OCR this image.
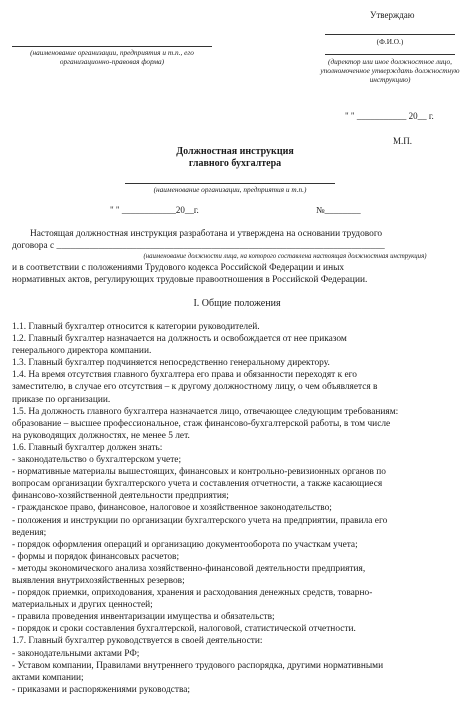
Утверждаю
(Ф.И.О.)
(директор или иное должностное лицо, уполномоченное утверждать должностную инструкцию)
" " ___________ 20__ г.
М.П.
(наименование организации, предприятия и т.п., его организационно-правовая форма)
Должностная инструкция
главного бухгалтера
(наименование организации, предприятия и т.п.)
" " ____________20__г.	№________
Настоящая должностная инструкция разработана и утверждена на основании трудового
договора с ______________________________________________________________________
(наименование должности лица, на которого составлена настоящая должностная инструкция)
и в соответствии с положениями Трудового кодекса Российской Федерации и иных
нормативных актов, регулирующих трудовые правоотношения в Российской Федерации.
I. Общие положения
1.1. Главный бухгалтер относится к категории руководителей.
1.2. Главный бухгалтер назначается на должность и освобождается от нее приказом
генерального директора компании.
1.3. Главный бухгалтер подчиняется непосредственно генеральному директору.
1.4. На время отсутствия главного бухгалтера его права и обязанности переходят к его
заместителю, в случае его отсутствия – к другому должностному лицу, о чем объявляется в
приказе по организации.
1.5. На должность главного бухгалтера назначается лицо, отвечающее следующим требованиям:
образование – высшее профессиональное, стаж финансово-бухгалтерской работы, в том числе
на руководящих должностях, не менее 5 лет.
1.6. Главный бухгалтер должен знать:
- законодательство о бухгалтерском учете;
- нормативные материалы вышестоящих, финансовых и контрольно-ревизионных органов по
вопросам организации бухгалтерского учета и составления отчетности, а также касающиеся
финансово-хозяйственной деятельности предприятия;
- гражданское право, финансовое, налоговое и хозяйственное законодательство;
- положения и инструкции по организации бухгалтерского учета на предприятии, правила его
ведения;
- порядок оформления операций и организацию документооборота по участкам учета;
- формы и порядок финансовых расчетов;
- методы экономического анализа хозяйственно-финансовой деятельности предприятия,
выявления внутрихозяйственных резервов;
- порядок приемки, оприходования, хранения и расходования денежных средств, товарно-
материальных и других ценностей;
- правила проведения инвентаризации имущества и обязательств;
- порядок и сроки составления бухгалтерской, налоговой, статистической отчетности.
1.7. Главный бухгалтер руководствуется в своей деятельности:
- законодательными актами РФ;
- Уставом компании, Правилами внутреннего трудового распорядка, другими нормативными
актами компании;
- приказами и распоряжениями руководства;
